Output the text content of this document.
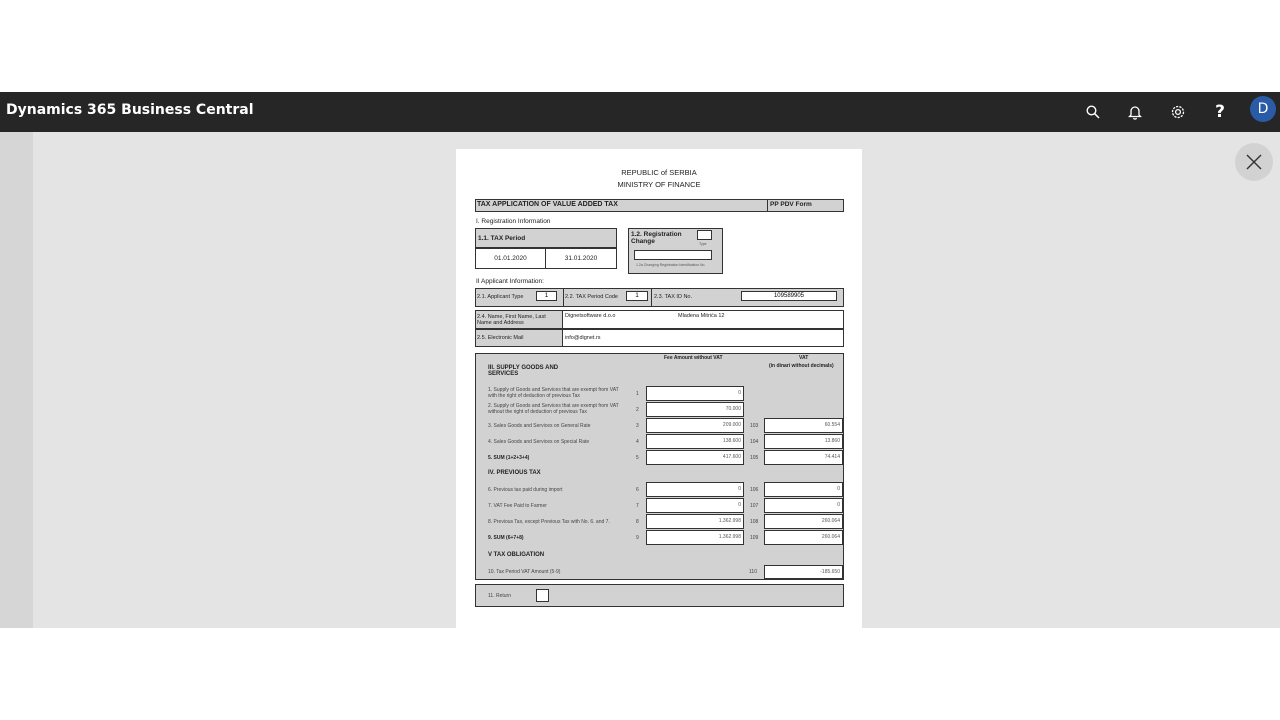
Dynamics 365 Business Central	?	D
REPUBLIC of SERBIA
MINISTRY OF FINANCE
TAX APPLICATION OF VALUE ADDED TAX	PP PDV Form
I. Registration Information
1.1. TAX Period
01.01.2020	31.01.2020
1.2. Registration Change	Type
1.2a Changing Registration Identification No.
II Applicant Information:
2.1. Applicant Type	1	2.2. TAX Period Code	1	2.3. TAX ID No.	109589905
2.4. Name, First Name, Last Name and Address
Dignetsoftware d.o.o	Mladena Mitrića 12
2.5. Electronic Mail	info@dignet.rs
Fee Amount without VAT	VAT
(in dinari without decimals)
III. SUPPLY GOODS AND SERVICES
1. Supply of Goods and Services that are exempt from VAT with the right of deduction of previous Tax	1	0
2. Supply of Goods and Services that are exempt from VAT without the right of deduction of previous Tax	2	70.000
3. Sales Goods and Services on General Rate	3	209.000	103	60.554
4. Sales Goods and Services on Special Rate	4	138.600	104	13.860
5. SUM (1+2+3+4)	5	417.600	105	74.414
IV. PREVIOUS TAX
6. Previous tax paid during import	6	0	106	0
7. VAT Fee Paid to Farmer	7	0	107	0
8. Previous Tax, except Previous Tax with No. 6. and 7.	8	1.362.998	108	260.064
9. SUM (6+7+8)	9	1.362.998	109	260.064
V TAX OBLIGATION
10. Tax Period VAT Amount (5-9)	110	-185.650
11. Return
